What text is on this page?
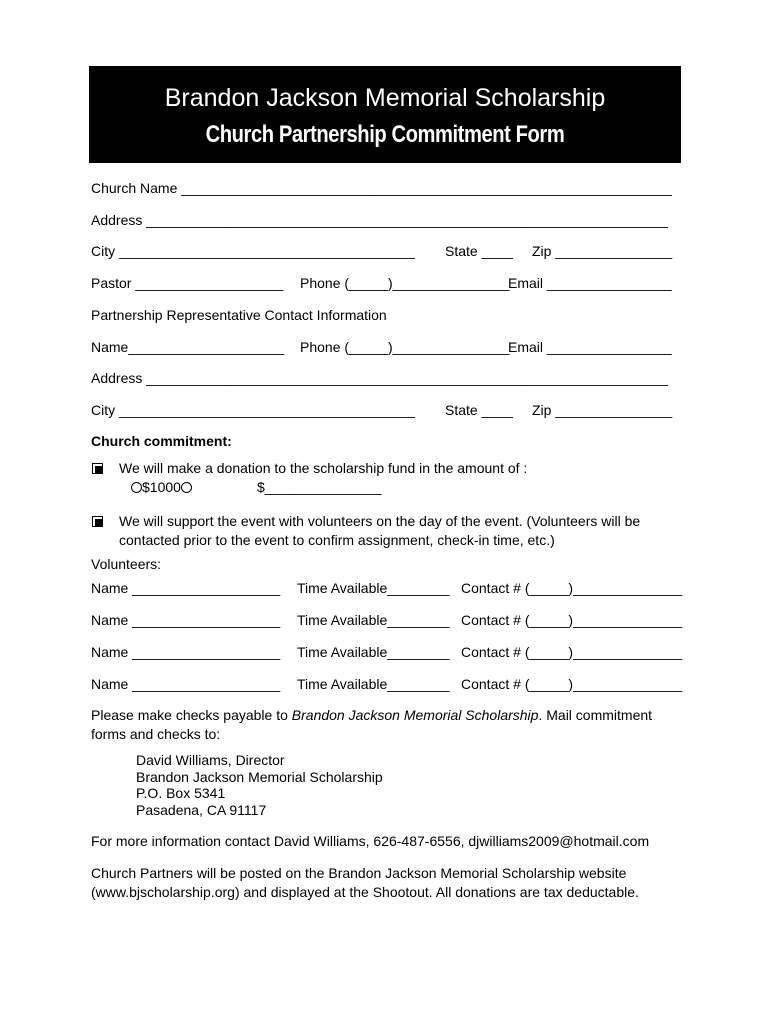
Brandon Jackson Memorial Scholarship
Church Partnership Commitment Form
Church Name _______________________________________________________________
Address ___________________________________________________________________
City ______________________________________ State ____ Zip _______________
Pastor ___________________ Phone (_____)_______________
Email ________________
Partnership Representative Contact Information
Name____________________ Phone (_____)_______________
Email ________________
Address ___________________________________________________________________
City ______________________________________ State ____ Zip _______________
Church commitment:
We will make a donation to the scholarship fund in the amount of :
$1000	$_______________
We will support the event with volunteers on the day of the event. (Volunteers will be
contacted prior to the event to confirm assignment, check-in time, etc.)
Volunteers:
Name ___________________ Time Available________ Contact # (_____)______________
Name ___________________ Time Available________ Contact # (_____)______________
Name ___________________ Time Available________ Contact # (_____)______________
Name ___________________ Time Available________ Contact # (_____)______________
Please make checks payable to Brandon Jackson Memorial Scholarship. Mail commitment
forms and checks to:
David Williams, Director
Brandon Jackson Memorial Scholarship
P.O. Box 5341
Pasadena, CA 91117
For more information contact David Williams, 626-487-6556, djwilliams2009@hotmail.com
Church Partners will be posted on the Brandon Jackson Memorial Scholarship website
(www.bjscholarship.org) and displayed at the Shootout. All donations are tax deductable.
